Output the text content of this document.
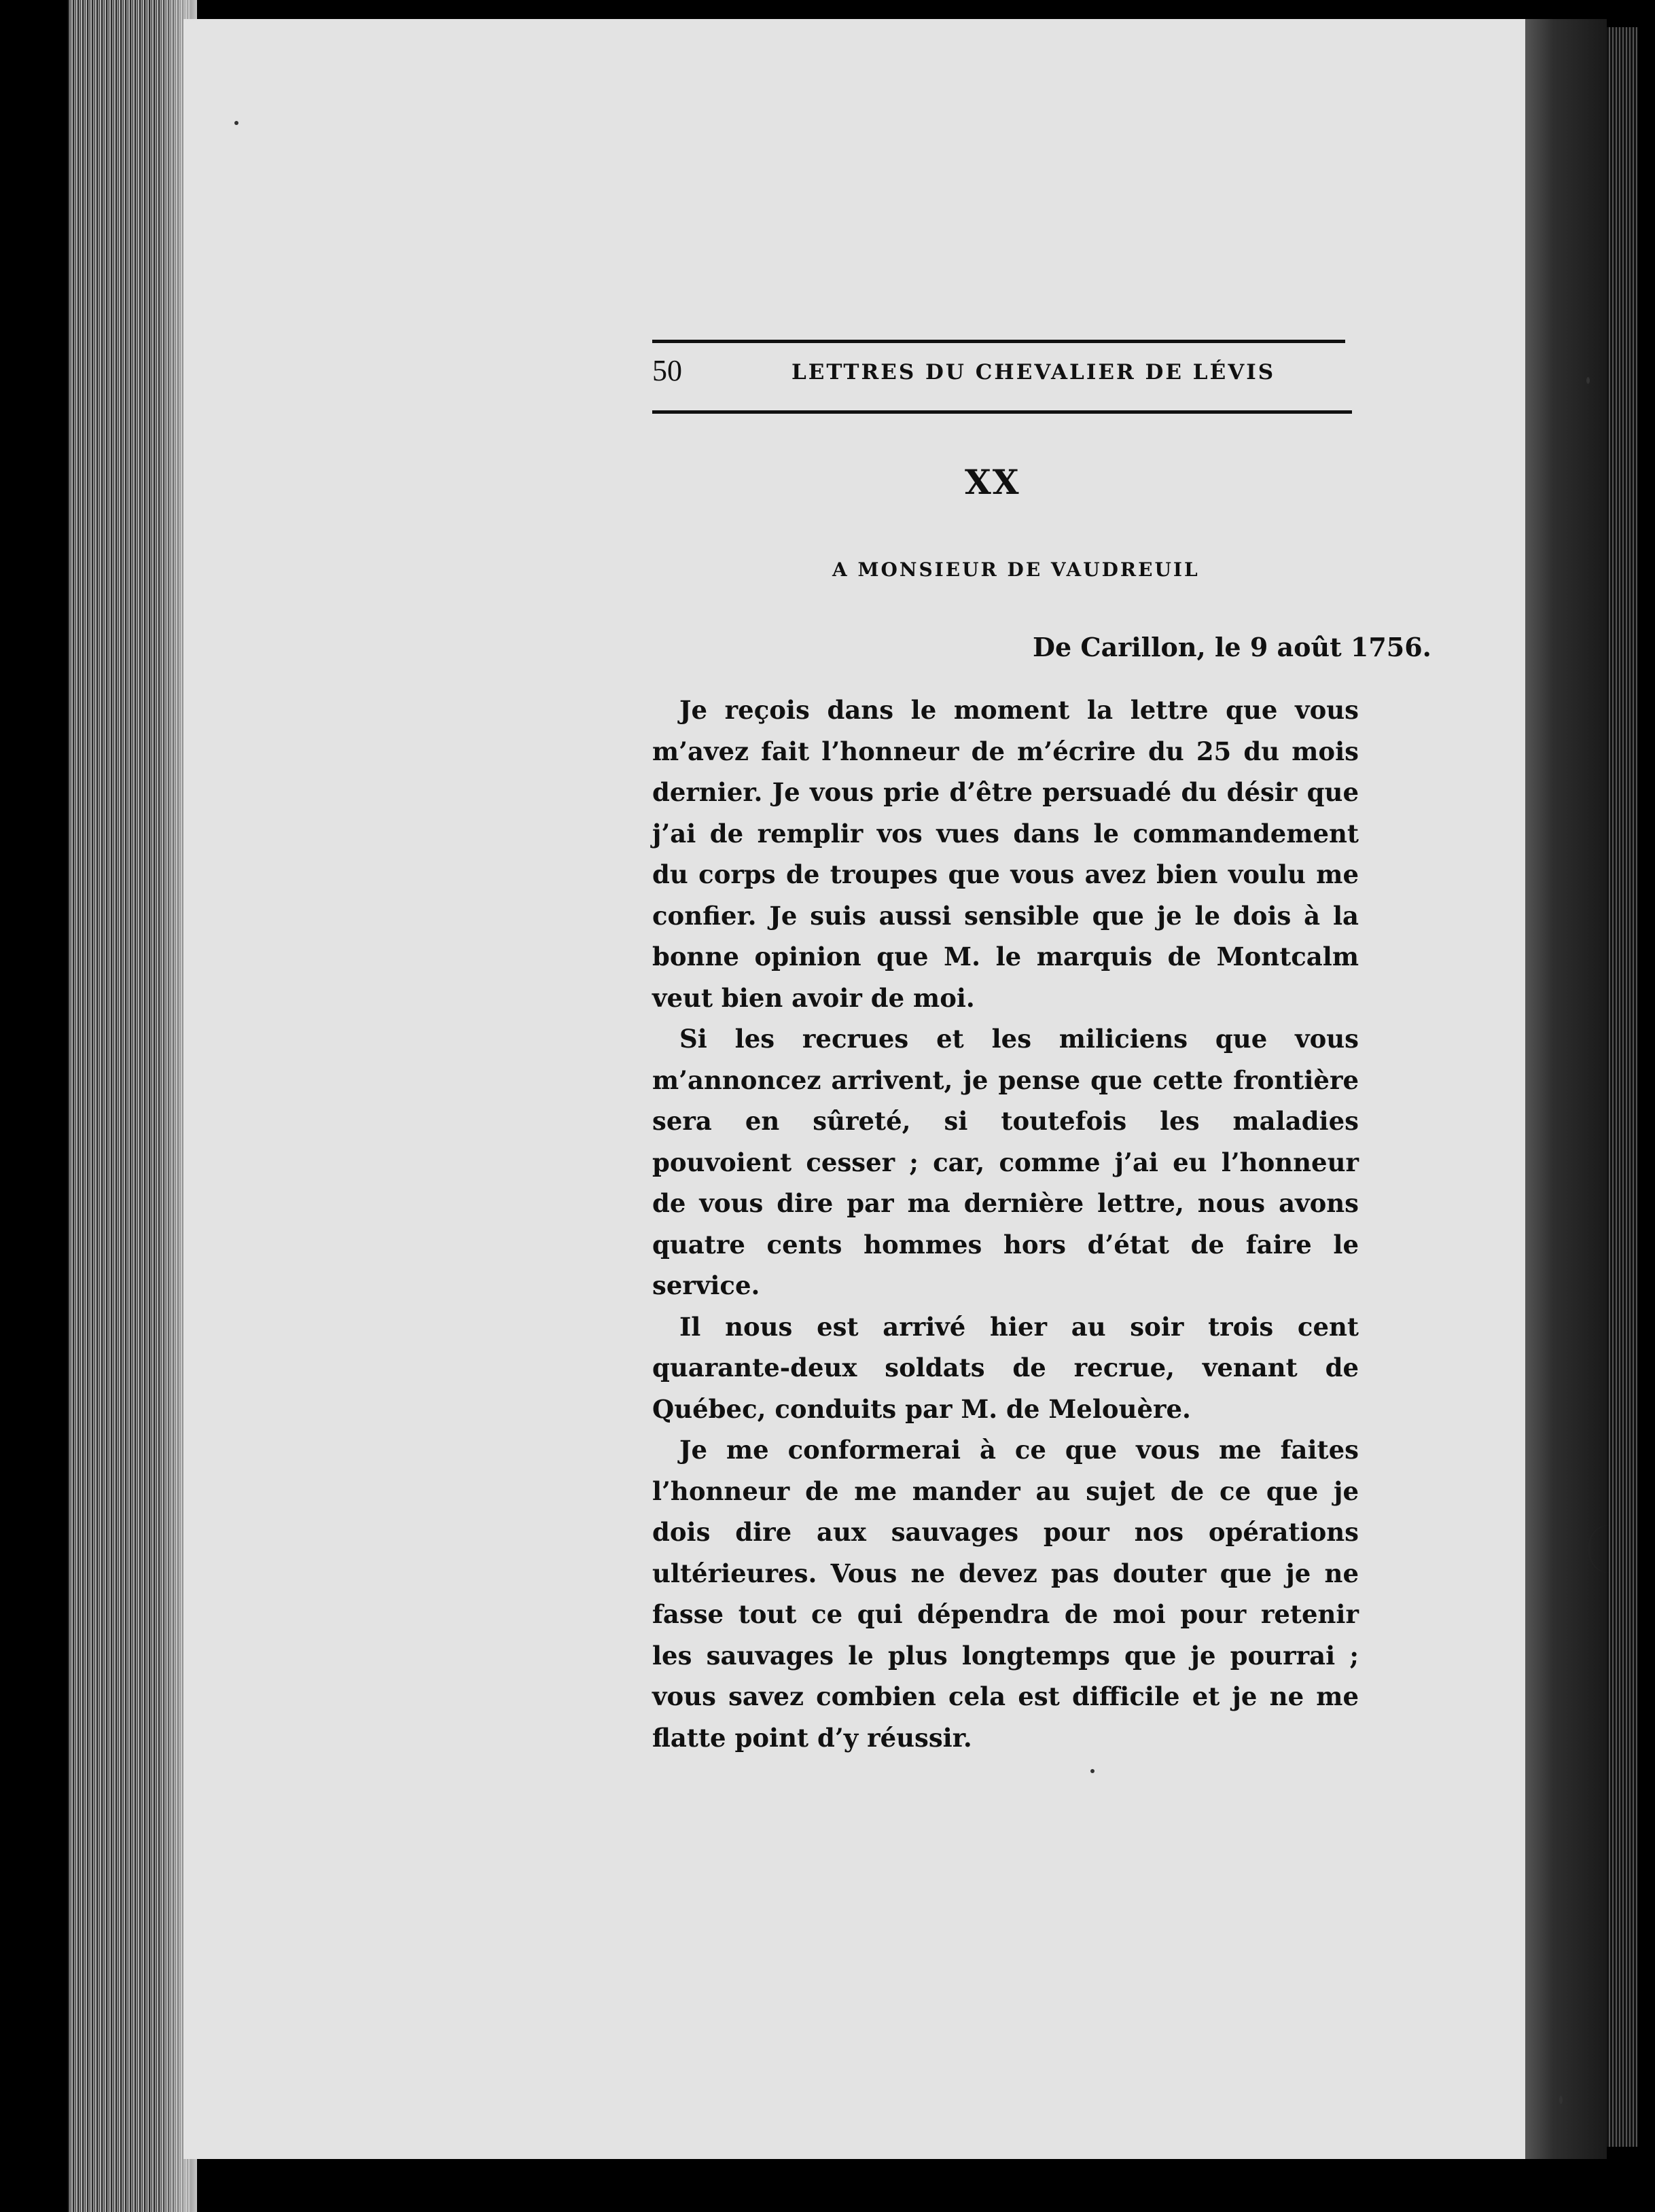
50	LETTRES DU CHEVALIER DE LÉVIS
XX
A MONSIEUR DE VAUDREUIL
De Carillon, le 9 août 1756.

Je reçois dans le moment la lettre que vous m’avez fait l’honneur de m’écrire du 25 du mois dernier. Je vous prie d’être persuadé du désir que j’ai de remplir vos vues dans le commandement du corps de troupes que vous avez bien voulu me confier. Je suis aussi sensible que je le dois à la bonne opinion que M. le marquis de Montcalm veut bien avoir de moi.

Si les recrues et les miliciens que vous m’annoncez arrivent, je pense que cette frontière sera en sûreté, si toutefois les maladies pouvoient cesser ; car, comme j’ai eu l’honneur de vous dire par ma dernière lettre, nous avons quatre cents hommes hors d’état de faire le service.

Il nous est arrivé hier au soir trois cent quarante-deux soldats de recrue, venant de Québec, conduits par M. de Melouère.

Je me conformerai à ce que vous me faites l’honneur de me mander au sujet de ce que je dois dire aux sauvages pour nos opérations ultérieures. Vous ne devez pas douter que je ne fasse tout ce qui dépendra de moi pour retenir les sauvages le plus longtemps que je pourrai ; vous savez combien cela est difficile et je ne me flatte point d’y réussir.
